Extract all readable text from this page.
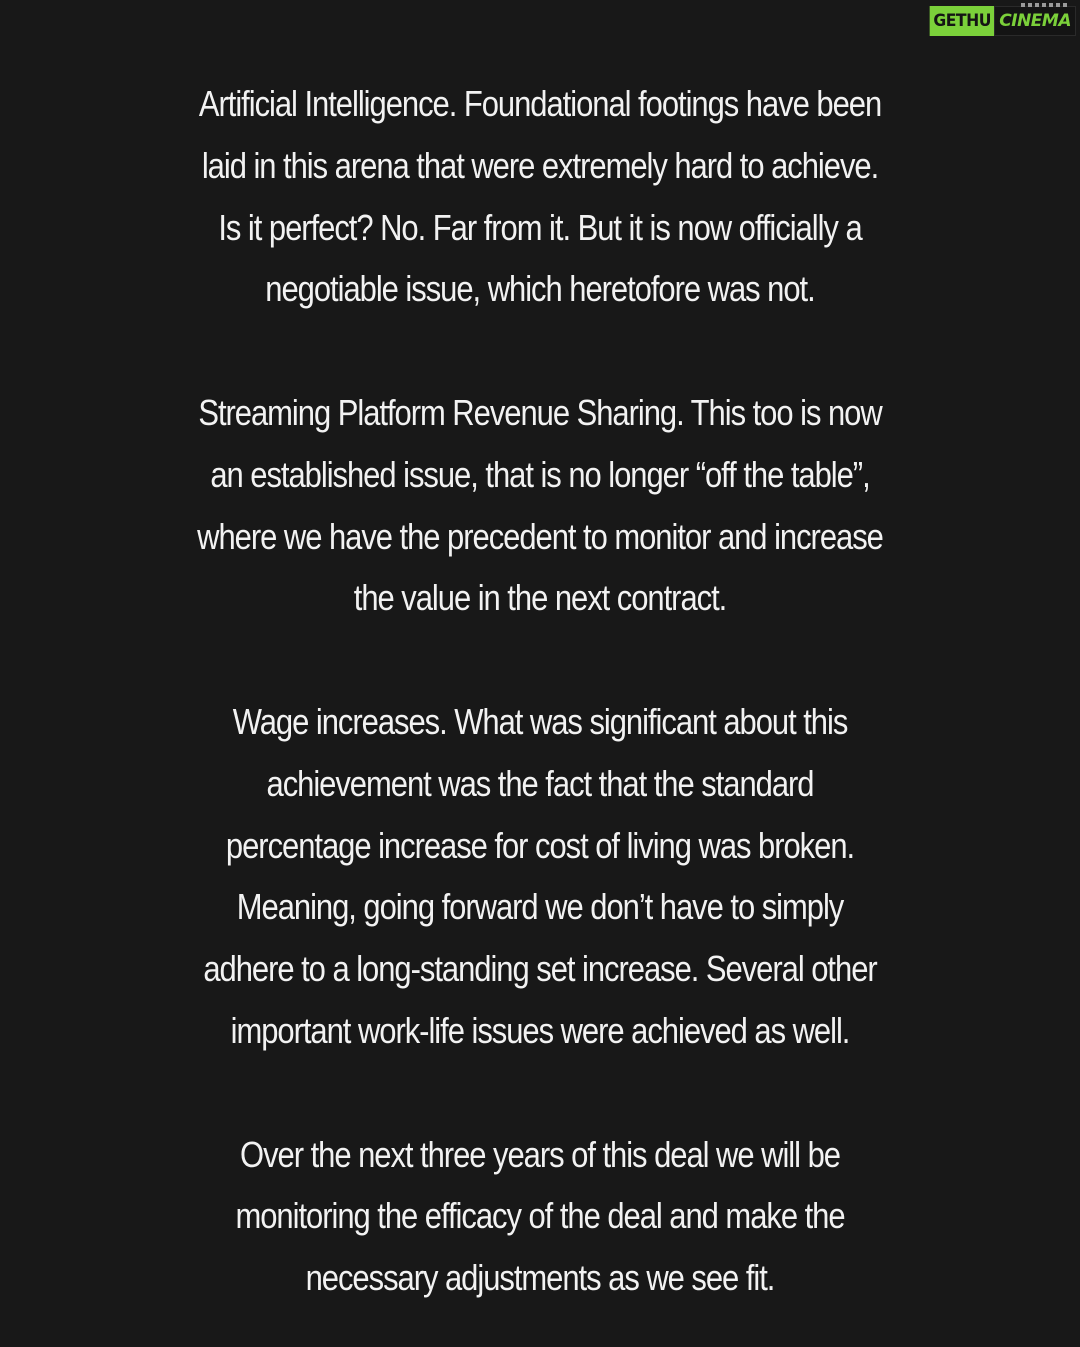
GETHU CINEMA

Artificial Intelligence. Foundational footings have been
laid in this arena that were extremely hard to achieve.
Is it perfect? No. Far from it. But it is now officially a
negotiable issue, which heretofore was not.

Streaming Platform Revenue Sharing. This too is now
an established issue, that is no longer “off the table”,
where we have the precedent to monitor and increase
the value in the next contract.

Wage increases. What was significant about this
achievement was the fact that the standard
percentage increase for cost of living was broken.
Meaning, going forward we don’t have to simply
adhere to a long-standing set increase. Several other
important work-life issues were achieved as well.

Over the next three years of this deal we will be
monitoring the efficacy of the deal and make the
necessary adjustments as we see fit.
